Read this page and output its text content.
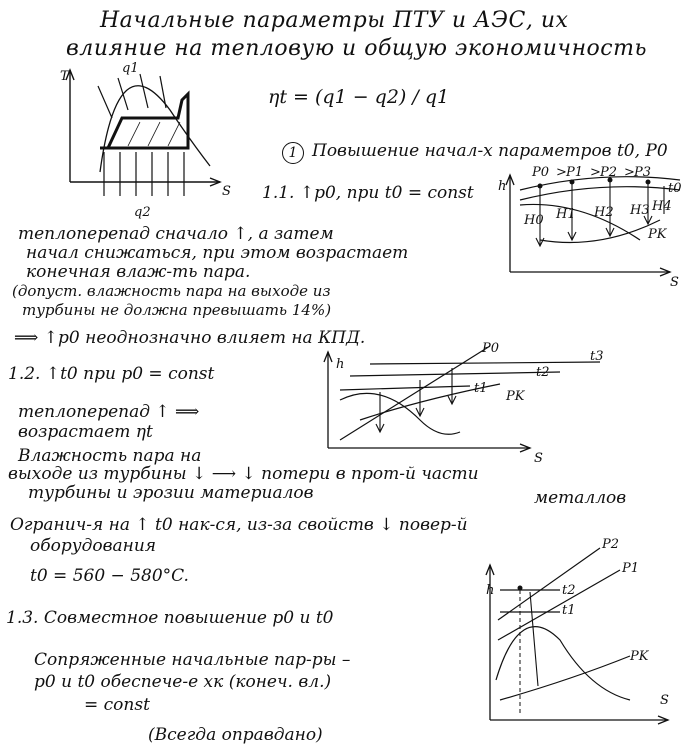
Начальные параметры ПТУ и АЭС, их
влияние на тепловую и общую экономичность
T
q1
q2
S
ηt = (q1 − q2) / q1
1 Повышение начал-х параметров t0, P0
1.1. ↑p0, при t0 = const
теплоперепад сначало ↑, а затем
начал снижаться, при этом возрастает
конечная влаж-ть пара.
(допуст. влажность пара на выходе из
турбины не должна превышать 14%)
⟹ ↑p0 неоднозначно влияет на КПД.
h
P0 > P1 > P2 > P3
t0
H0 H1 H2 H3 H4
PK
S
1.2. ↑t0 при p0 = const
теплоперепад ↑ ⟹
возрастает ηt
Влажность пара на
выходе из турбины ↓ ⟶ ↓ потери в прот-й части
турбины и эрозии материалов	металлов
Огранич-я на ↑ t0 нак-ся, из-за свойств ↓ повер-й
оборудования
t0 = 560 − 580°C.
h
P0
t3
t2
t1
PK
S
1.3. Совместное повышение p0 и t0
Сопряженные начальные пар-ры –
p0 и t0 обеспече-е xк (конеч. вл.)
= const
(Всегда оправдано)
h
P2
P1
t2
t1
PK
S
